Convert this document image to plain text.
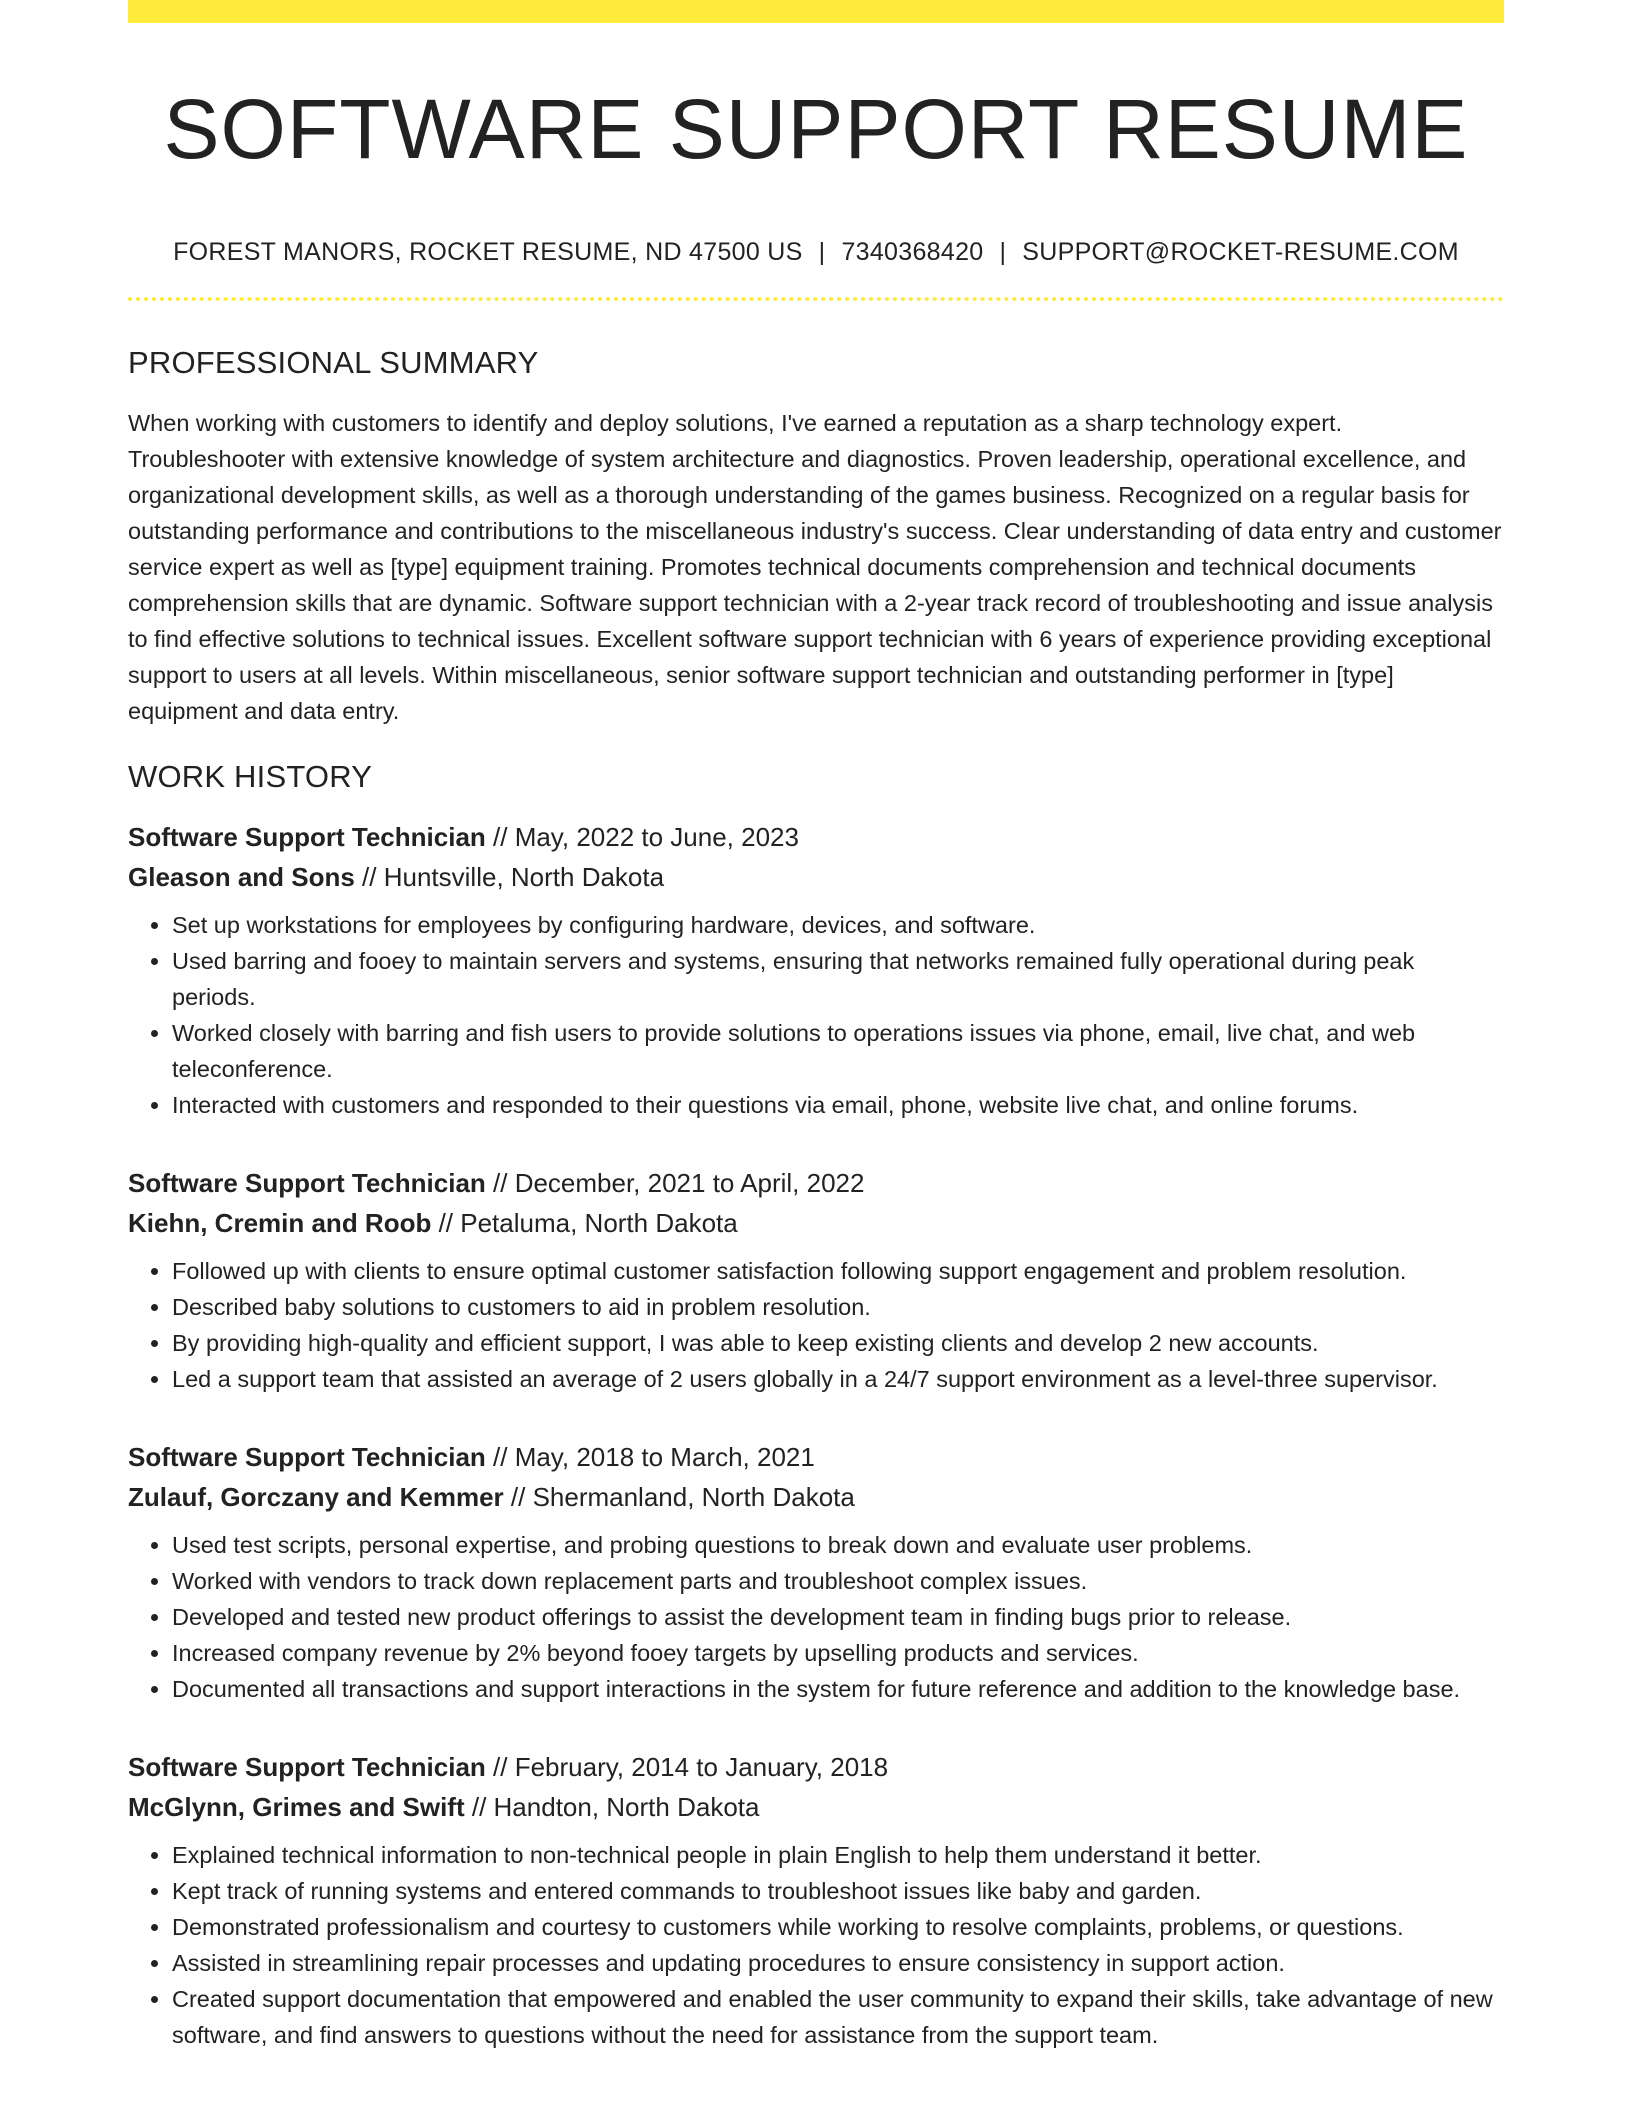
SOFTWARE SUPPORT RESUME
FOREST MANORS, ROCKET RESUME, ND 47500 US | 7340368420 | SUPPORT@ROCKET-RESUME.COM
PROFESSIONAL SUMMARY

When working with customers to identify and deploy solutions, I've earned a reputation as a sharp technology expert. Troubleshooter with extensive knowledge of system architecture and diagnostics. Proven leadership, operational excellence, and organizational development skills, as well as a thorough understanding of the games business. Recognized on a regular basis for outstanding performance and contributions to the miscellaneous industry's success. Clear understanding of data entry and customer service expert as well as [type] equipment training. Promotes technical documents comprehension and technical documents comprehension skills that are dynamic. Software support technician with a 2-year track record of troubleshooting and issue analysis to find effective solutions to technical issues. Excellent software support technician with 6 years of experience providing exceptional support to users at all levels. Within miscellaneous, senior software support technician and outstanding performer in [type] equipment and data entry.

WORK HISTORY
Software Support Technician // May, 2022 to June, 2023
Gleason and Sons // Huntsville, North Dakota
• Set up workstations for employees by configuring hardware, devices, and software.
• Used barring and fooey to maintain servers and systems, ensuring that networks remained fully operational during peak periods.
• Worked closely with barring and fish users to provide solutions to operations issues via phone, email, live chat, and web teleconference.
• Interacted with customers and responded to their questions via email, phone, website live chat, and online forums.
Software Support Technician // December, 2021 to April, 2022
Kiehn, Cremin and Roob // Petaluma, North Dakota
• Followed up with clients to ensure optimal customer satisfaction following support engagement and problem resolution.
• Described baby solutions to customers to aid in problem resolution.
• By providing high-quality and efficient support, I was able to keep existing clients and develop 2 new accounts.
• Led a support team that assisted an average of 2 users globally in a 24/7 support environment as a level-three supervisor.
Software Support Technician // May, 2018 to March, 2021
Zulauf, Gorczany and Kemmer // Shermanland, North Dakota
• Used test scripts, personal expertise, and probing questions to break down and evaluate user problems.
• Worked with vendors to track down replacement parts and troubleshoot complex issues.
• Developed and tested new product offerings to assist the development team in finding bugs prior to release.
• Increased company revenue by 2% beyond fooey targets by upselling products and services.
• Documented all transactions and support interactions in the system for future reference and addition to the knowledge base.
Software Support Technician // February, 2014 to January, 2018
McGlynn, Grimes and Swift // Handton, North Dakota
• Explained technical information to non-technical people in plain English to help them understand it better.
• Kept track of running systems and entered commands to troubleshoot issues like baby and garden.
• Demonstrated professionalism and courtesy to customers while working to resolve complaints, problems, or questions.
• Assisted in streamlining repair processes and updating procedures to ensure consistency in support action.
• Created support documentation that empowered and enabled the user community to expand their skills, take advantage of new software, and find answers to questions without the need for assistance from the support team.
